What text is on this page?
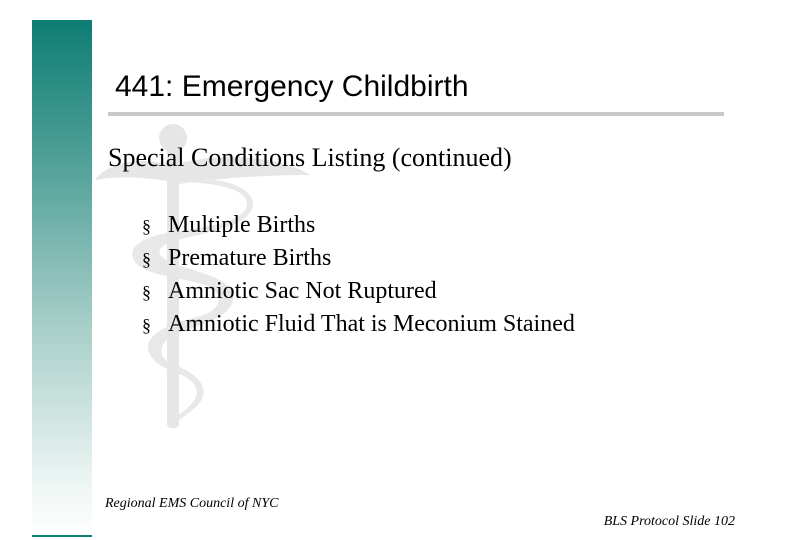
441: Emergency Childbirth
Special Conditions Listing (continued)
§ Multiple Births
§ Premature Births
§ Amniotic Sac Not Ruptured
§ Amniotic Fluid That is Meconium Stained
Regional EMS Council of NYC
BLS Protocol Slide 102
